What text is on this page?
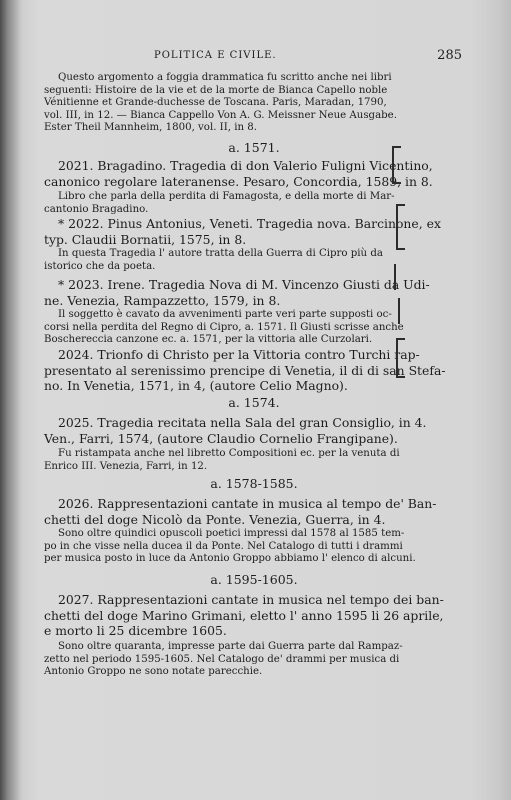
POLITICA E CIVILE.	285
Questo argomento a foggia drammatica fu scritto anche nei libri
seguenti: Histoire de la vie et de la morte de Bianca Capello noble
Vénitienne et Grande-duchesse de Toscana. Paris, Maradan, 1790,
vol. III, in 12. — Bianca Cappello Von A. G. Meissner Neue Ausgabe.
Ester Theil Mannheim, 1800, vol. II, in 8.
a. 1571.
2021. Bragadino. Tragedia di don Valerio Fuligni Vicentino,
canonico regolare lateranense. Pesaro, Concordia, 1589, in 8.
Libro che parla della perdita di Famagosta, e della morte di Mar-
cantonio Bragadino.
* 2022. Pinus Antonius, Veneti. Tragedia nova. Barcinone, ex
typ. Claudii Bornatii, 1575, in 8.
In questa Tragedia l' autore tratta della Guerra di Cipro più da
istorico che da poeta.
* 2023. Irene. Tragedia Nova di M. Vincenzo Giusti da Udi-
ne. Venezia, Rampazzetto, 1579, in 8.
Il soggetto è cavato da avvenimenti parte veri parte supposti oc-
corsi nella perdita del Regno di Cipro, a. 1571. Il Giusti scrisse anche
Boschereccia canzone ec. a. 1571, per la vittoria alle Curzolari.
2024. Trionfo di Christo per la Vittoria contro Turchi rap-
presentato al serenissimo prencipe di Venetia, il di di san Stefa-
no. In Venetia, 1571, in 4, (autore Celio Magno).
a. 1574.
2025. Tragedia recitata nella Sala del gran Consiglio, in 4.
Ven., Farri, 1574, (autore Claudio Cornelio Frangipane).
Fu ristampata anche nel libretto Compositioni ec. per la venuta di
Enrico III. Venezia, Farri, in 12.
a. 1578-1585.
2026. Rappresentazioni cantate in musica al tempo de' Ban-
chetti del doge Nicolò da Ponte. Venezia, Guerra, in 4.
Sono oltre quindici opuscoli poetici impressi dal 1578 al 1585 tem-
po in che visse nella ducea il da Ponte. Nel Catalogo di tutti i drammi
per musica posto in luce da Antonio Groppo abbiamo l' elenco di alcuni.
a. 1595-1605.
2027. Rappresentazioni cantate in musica nel tempo dei ban-
chetti del doge Marino Grimani, eletto l' anno 1595 li 26 aprile,
e morto li 25 dicembre 1605.
Sono oltre quaranta, impresse parte dai Guerra parte dal Rampaz-
zetto nel periodo 1595-1605. Nel Catalogo de' drammi per musica di
Antonio Groppo ne sono notate parecchie.
